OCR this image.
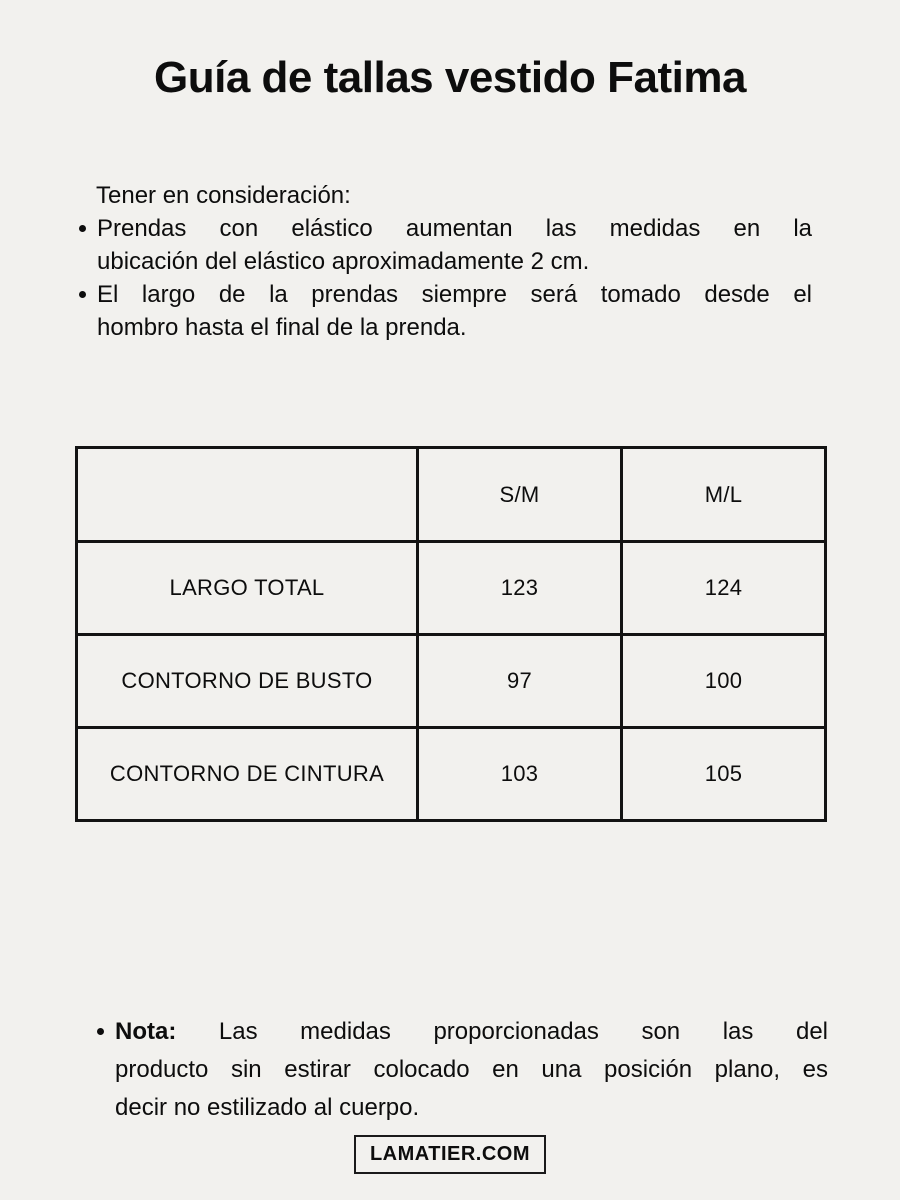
Guía de tallas vestido Fatima

Tener en consideración:

Prendas con elástico aumentan las medidas en la
ubicación del elástico aproximadamente 2 cm.
El largo de la prendas siempre será tomado desde el
hombro hasta el final de la prenda.
	S/M	M/L
LARGO TOTAL	123	124
CONTORNO DE BUSTO	97	100
CONTORNO DE CINTURA	103	105
Nota: Las medidas proporcionadas son las del
producto sin estirar colocado en una posición plano, es
decir no estilizado al cuerpo.
LAMATIER.COM
